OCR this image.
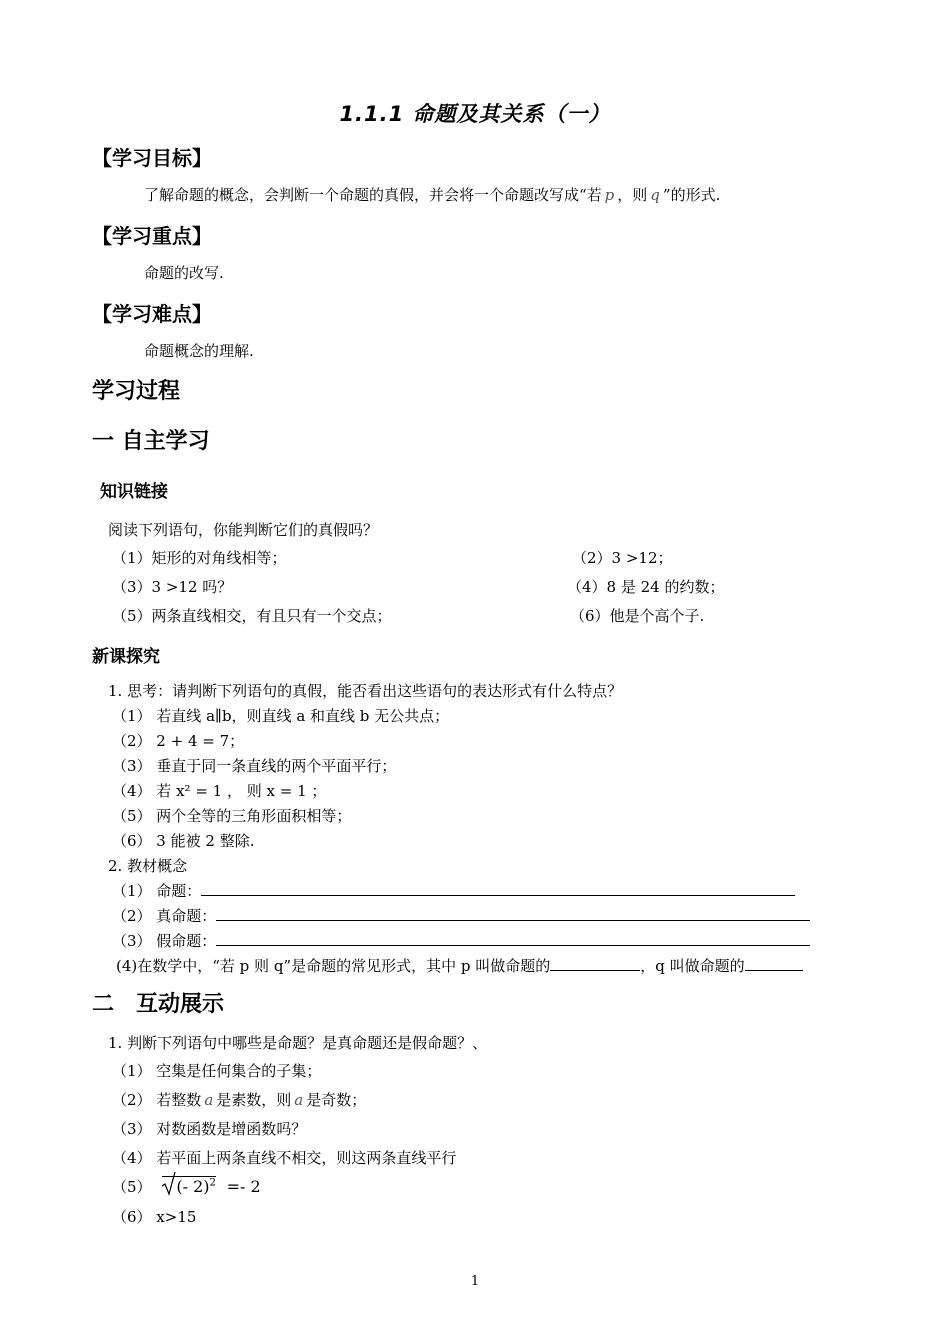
1.1.1 命题及其关系（一）
【学习目标】
了解命题的概念，会判断一个命题的真假，并会将一个命题改写成“若 p ，则 q ”的形式.
【学习重点】
命题的改写.
【学习难点】
命题概念的理解.
学习过程
一 自主学习
知识链接
阅读下列语句，你能判断它们的真假吗？
（1）矩形的对角线相等；	（2）3 >12；
（3）3 >12 吗？	（4）8 是 24 的约数；
（5）两条直线相交，有且只有一个交点；	（6）他是个高个子.
新课探究
1. 思考：请判断下列语句的真假，能否看出这些语句的表达形式有什么特点？
（1） 若直线 a∥b，则直线 a 和直线 b 无公共点；
（2） 2 + 4 = 7；
（3） 垂直于同一条直线的两个平面平行；
（4） 若 x² = 1 ， 则 x = 1 ；
（5） 两个全等的三角形面积相等；
（6） 3 能被 2 整除.
2. 教材概念
（1） 命题：
（2） 真命题：
（3） 假命题：
(4)在数学中，“若 p 则 q”是命题的常见形式，其中 p 叫做命题的	，q 叫做命题的
二　互动展示
1. 判断下列语句中哪些是命题？是真命题还是假命题？、
（1） 空集是任何集合的子集；
（2） 若整数 a 是素数，则 a 是奇数；
（3） 对数函数是增函数吗？
（4） 若平面上两条直线不相交，则这两条直线平行
（5） (- 2)$^2$ =- 2
（6） x>15
1
